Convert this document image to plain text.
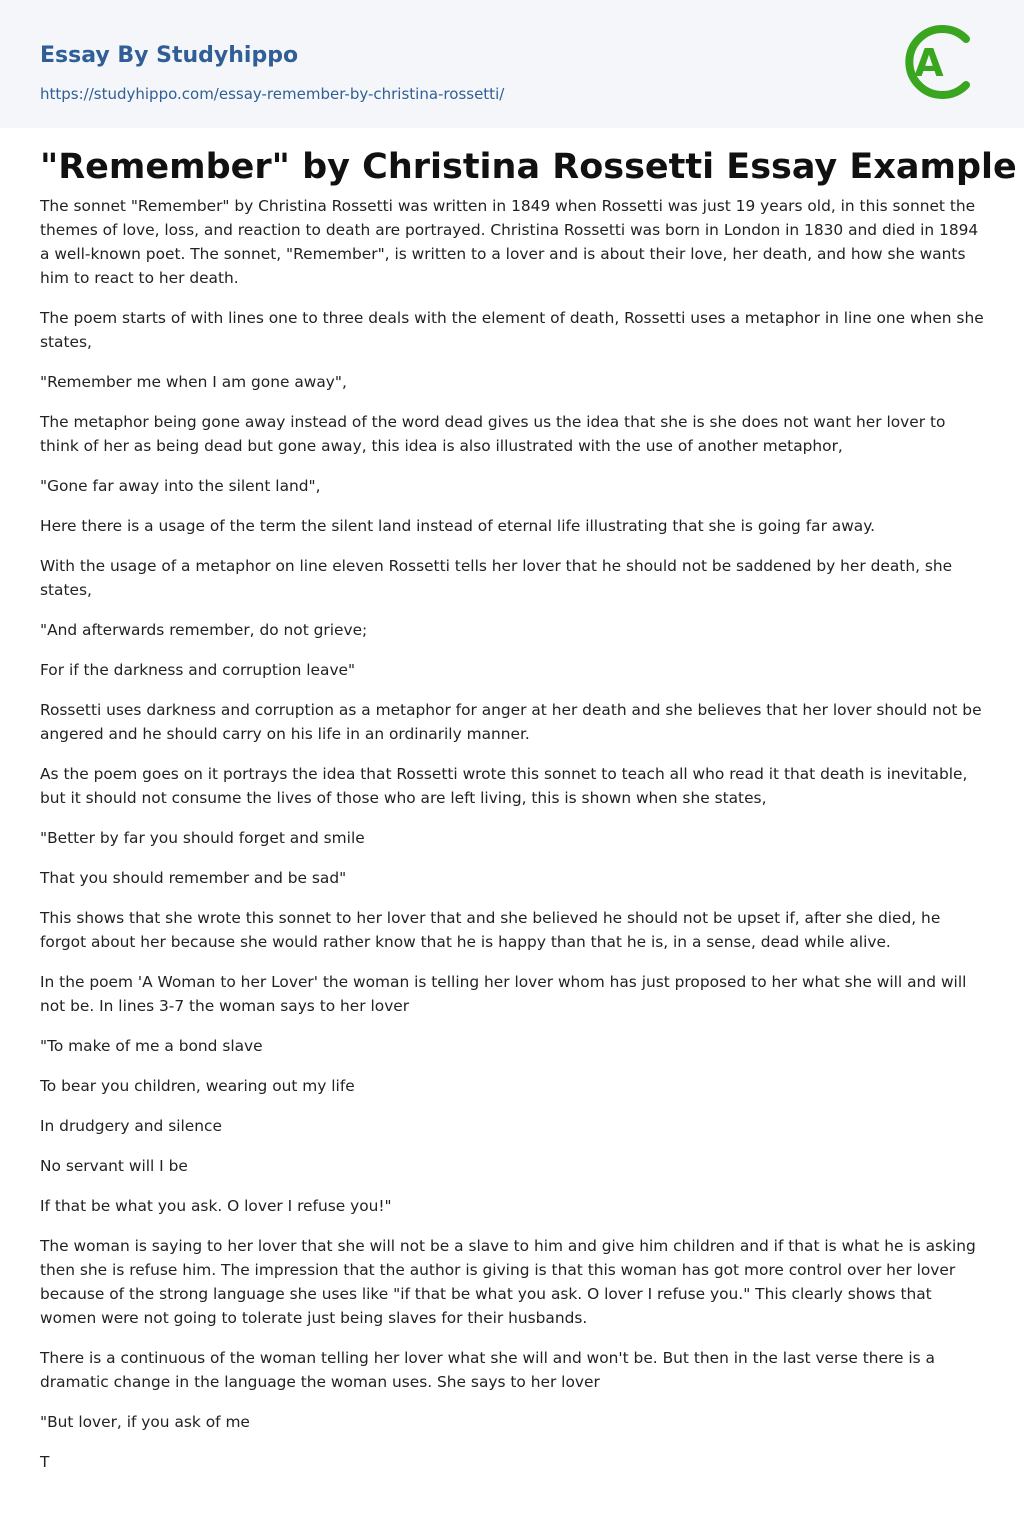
Essay By Studyhippo
https://studyhippo.com/essay-remember-by-christina-rossetti/
A
"Remember" by Christina Rossetti Essay Example

The sonnet "Remember" by Christina Rossetti was written in 1849 when Rossetti was just 19 years old, in this sonnet the themes of love, loss, and reaction to death are portrayed. Christina Rossetti was born in London in 1830 and died in 1894 a well-known poet. The sonnet, "Remember", is written to a lover and is about their love, her death, and how she wants him to react to her death.

The poem starts of with lines one to three deals with the element of death, Rossetti uses a metaphor in line one when she states,

"Remember me when I am gone away",

The metaphor being gone away instead of the word dead gives us the idea that she is she does not want her lover to think of her as being dead but gone away, this idea is also illustrated with the use of another metaphor,

"Gone far away into the silent land",

Here there is a usage of the term the silent land instead of eternal life illustrating that she is going far away.

With the usage of a metaphor on line eleven Rossetti tells her lover that he should not be saddened by her death, she states,

"And afterwards remember, do not grieve;

For if the darkness and corruption leave"

Rossetti uses darkness and corruption as a metaphor for anger at her death and she believes that her lover should not be angered and he should carry on his life in an ordinarily manner.

As the poem goes on it portrays the idea that Rossetti wrote this sonnet to teach all who read it that death is inevitable, but it should not consume the lives of those who are left living, this is shown when she states,

"Better by far you should forget and smile

That you should remember and be sad"

This shows that she wrote this sonnet to her lover that and she believed he should not be upset if, after she died, he forgot about her because she would rather know that he is happy than that he is, in a sense, dead while alive.

In the poem 'A Woman to her Lover' the woman is telling her lover whom has just proposed to her what she will and will not be. In lines 3-7 the woman says to her lover

"To make of me a bond slave

To bear you children, wearing out my life

In drudgery and silence

No servant will I be

If that be what you ask. O lover I refuse you!"

The woman is saying to her lover that she will not be a slave to him and give him children and if that is what he is asking then she is refuse him. The impression that the author is giving is that this woman has got more control over her lover because of the strong language she uses like "if that be what you ask. O lover I refuse you." This clearly shows that women were not going to tolerate just being slaves for their husbands.

There is a continuous of the woman telling her lover what she will and won't be. But then in the last verse there is a dramatic change in the language the woman uses. She says to her lover

"But lover, if you ask of me

T
